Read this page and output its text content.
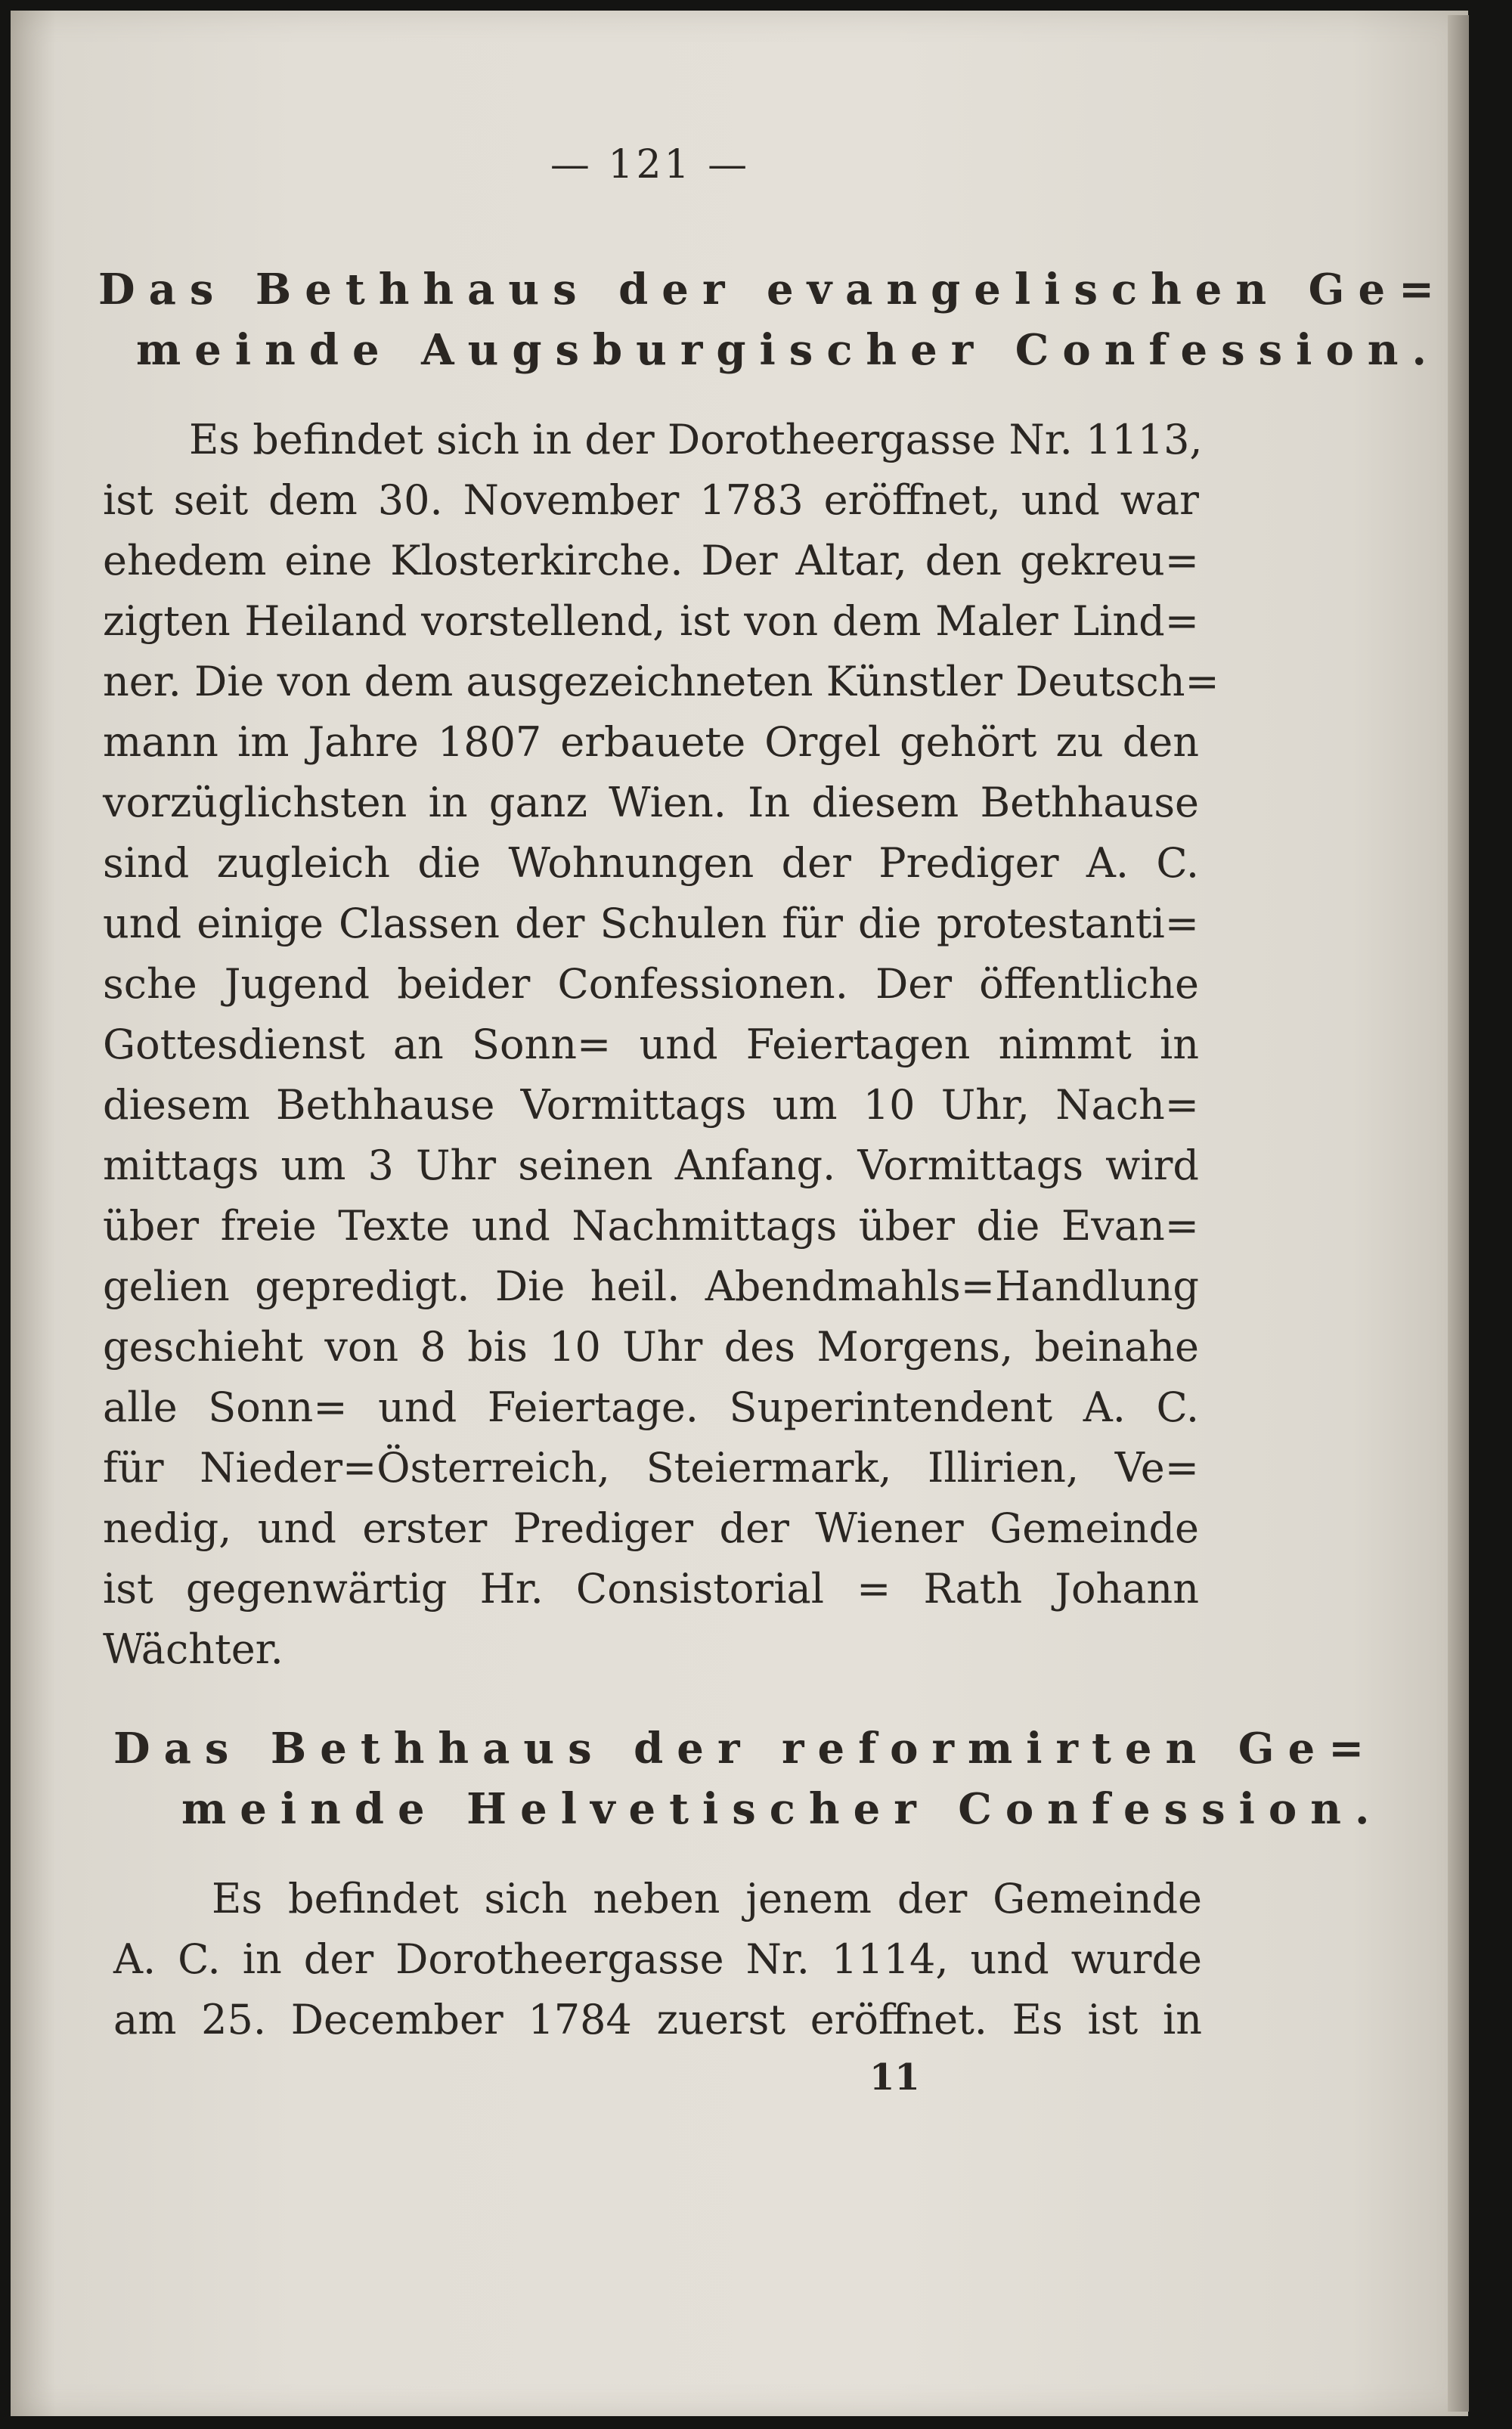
— 121 —
Das Bethhaus der evangelischen Ge=
meinde Augsburgischer Confession.
Es befindet sich in der Dorotheergasse Nr. 1113,
ist seit dem 30. November 1783 eröffnet, und war
ehedem eine Klosterkirche. Der Altar, den gekreu=
zigten Heiland vorstellend, ist von dem Maler Lind=
ner. Die von dem ausgezeichneten Künstler Deutsch=
mann im Jahre 1807 erbauete Orgel gehört zu den
vorzüglichsten in ganz Wien. In diesem Bethhause
sind zugleich die Wohnungen der Prediger A. C.
und einige Classen der Schulen für die protestanti=
sche Jugend beider Confessionen. Der öffentliche
Gottesdienst an Sonn= und Feiertagen nimmt in
diesem Bethhause Vormittags um 10 Uhr, Nach=
mittags um 3 Uhr seinen Anfang. Vormittags wird
über freie Texte und Nachmittags über die Evan=
gelien gepredigt. Die heil. Abendmahls=Handlung
geschieht von 8 bis 10 Uhr des Morgens, beinahe
alle Sonn= und Feiertage. Superintendent A. C.
für Nieder=Österreich, Steiermark, Illirien, Ve=
nedig, und erster Prediger der Wiener Gemeinde
ist gegenwärtig Hr. Consistorial = Rath Johann
Wächter.
Das Bethhaus der reformirten Ge=
meinde Helvetischer Confession.
Es befindet sich neben jenem der Gemeinde
A. C. in der Dorotheergasse Nr. 1114, und wurde
am 25. December 1784 zuerst eröffnet. Es ist in
11
